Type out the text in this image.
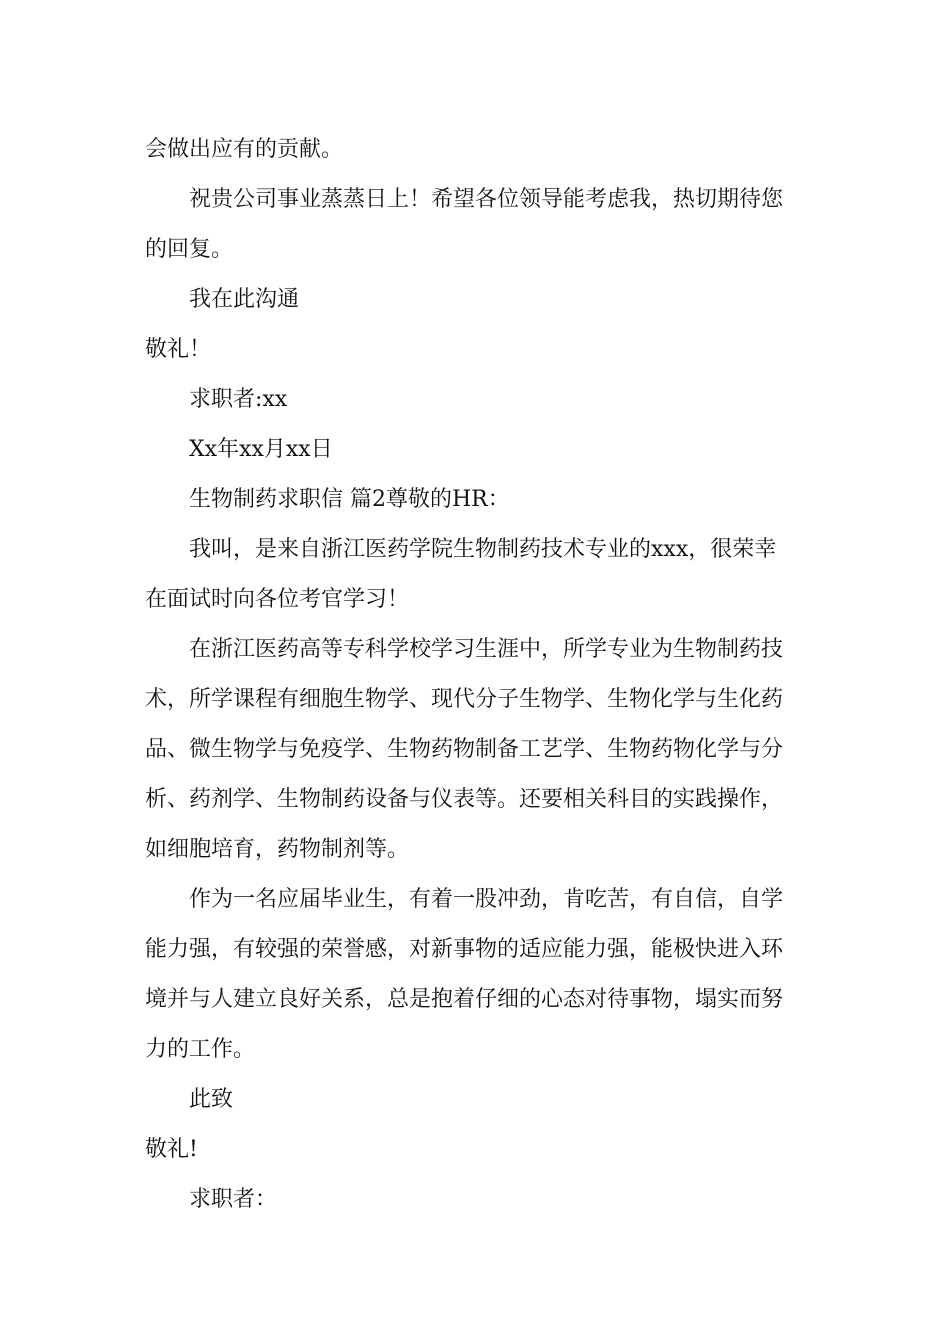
会做出应有的贡献。
祝贵公司事业蒸蒸日上！希望各位领导能考虑我，热切期待您
的回复。
我在此沟通
敬礼！
求职者:xx
Xx年xx月xx日
生物制药求职信 篇2尊敬的HR：
我叫，是来自浙江医药学院生物制药技术专业的xxx，很荣幸
在面试时向各位考官学习！
在浙江医药高等专科学校学习生涯中，所学专业为生物制药技
术，所学课程有细胞生物学、现代分子生物学、生物化学与生化药
品、微生物学与免疫学、生物药物制备工艺学、生物药物化学与分
析、药剂学、生物制药设备与仪表等。还要相关科目的实践操作，
如细胞培育，药物制剂等。
作为一名应届毕业生，有着一股冲劲，肯吃苦，有自信，自学
能力强，有较强的荣誉感，对新事物的适应能力强，能极快进入环
境并与人建立良好关系，总是抱着仔细的心态对待事物，塌实而努
力的工作。
此致
敬礼!
求职者：
